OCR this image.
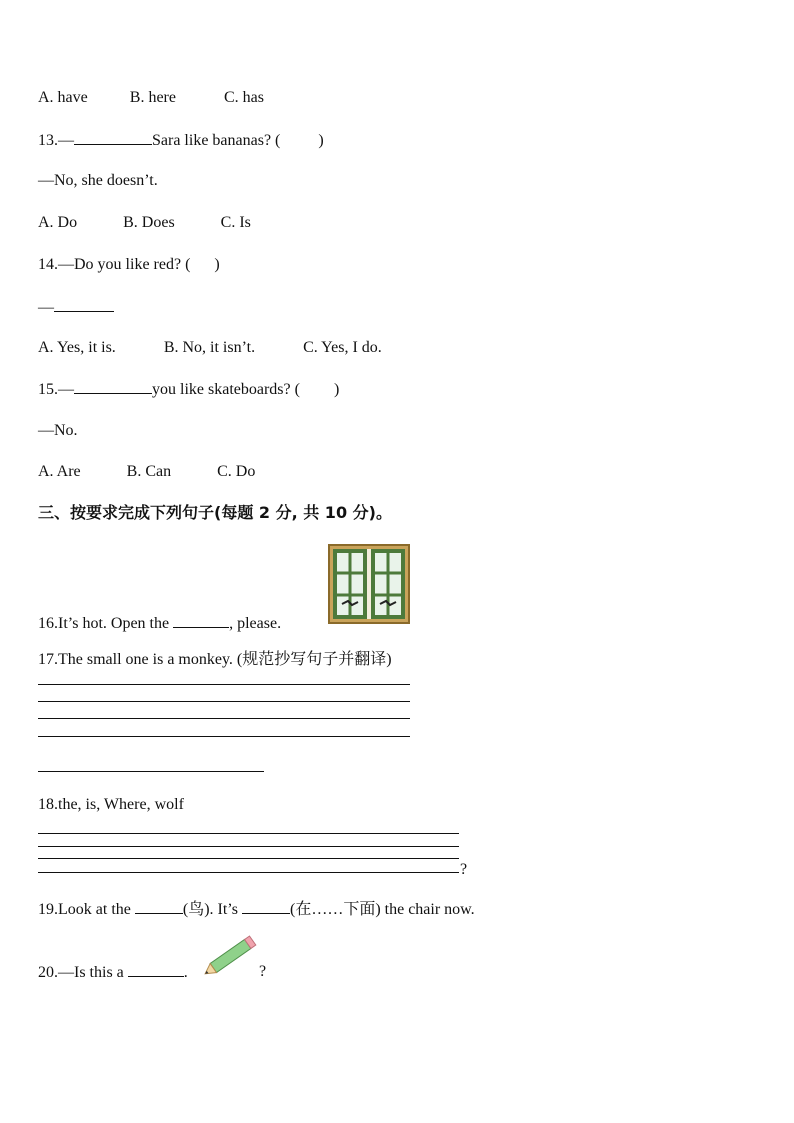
A. have	B. here	C. has
13.—	Sara like bananas? ( )
—No, she doesn’t.
A. Do	B. Does	C. Is
14.—Do you like red? ( )
—
A. Yes, it is.	B. No, it isn’t.	C. Yes, I do.
15.—	you like skateboards? ( )
—No.
A. Are	B. Can	C. Do
三、按要求完成下列句子(每题 2 分, 共 10 分)。
16.It’s hot. Open the	, please.
17.The small one is a monkey. (规范抄写句子并翻译)
18.the, is, Where, wolf
?
19.Look at the	(鸟). It’s	(在……下面) the chair now.
20.—Is this a	.	?
